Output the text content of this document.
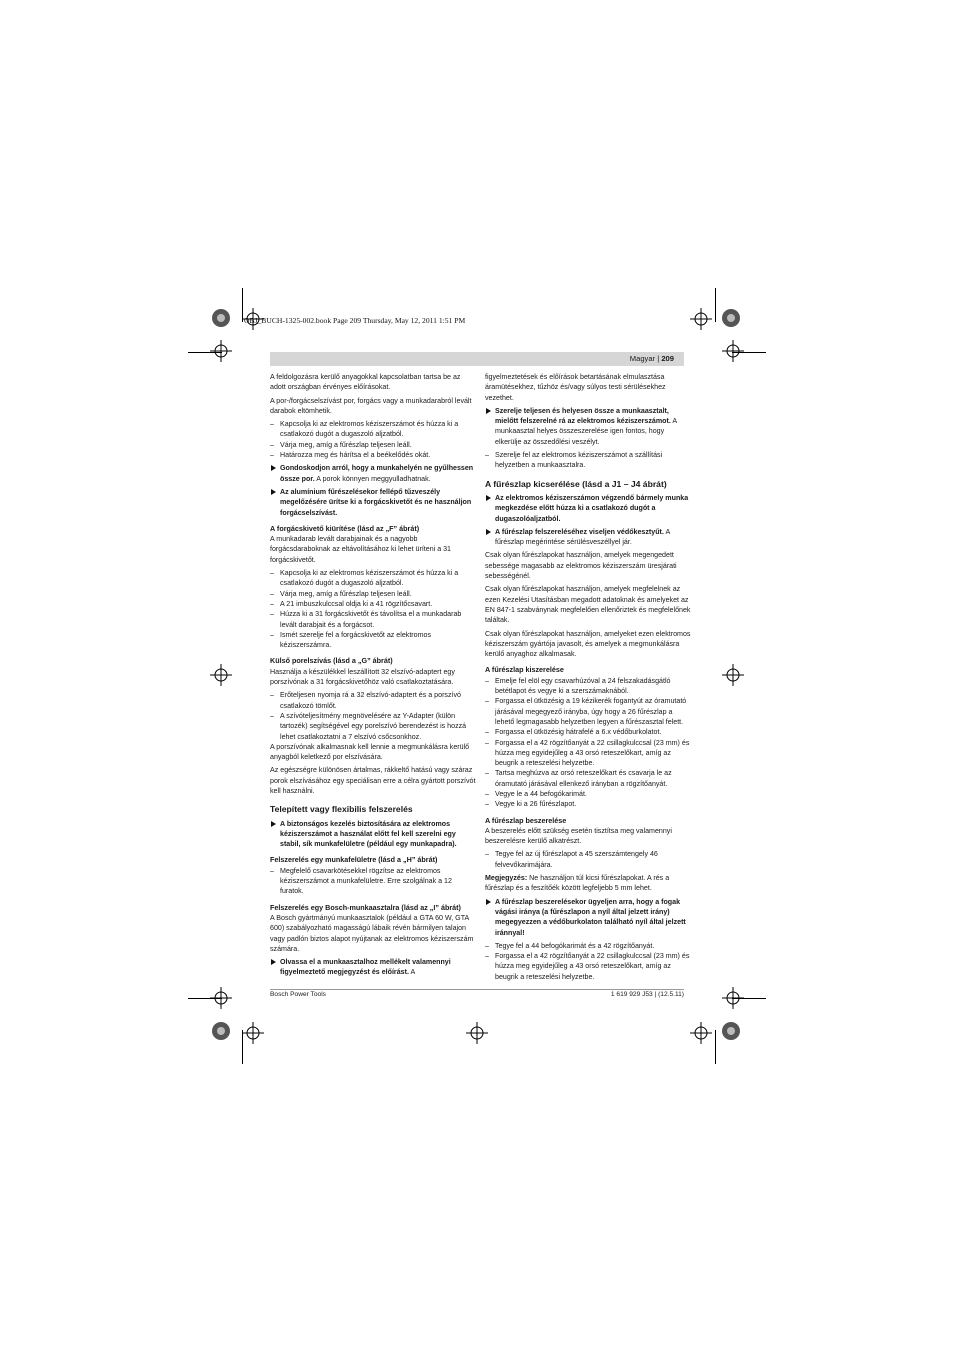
OBJ_BUCH-1325-002.book Page 209 Thursday, May 12, 2011 1:51 PM
Magyar | 209
A feldolgozásra kerülő anyagokkal kapcsolatban tartsa be az adott országban érvényes előírásokat.
A por-/forgácselszívást por, forgács vagy a munkadarabról levált darabok eltömhetik.
– Kapcsolja ki az elektromos kéziszerszámot és húzza ki a csatlakozó dugót a dugaszoló aljzatból.
– Várja meg, amíg a fűrészlap teljesen leáll.
– Határozza meg és hárítsa el a beékelődés okát.
Gondoskodjon arról, hogy a munkahelyén ne gyűlhessen össze por. A porok könnyen meggyulladhatnak.
Az alumínium fűrészelésekor fellépő tűzveszély megelőzésére ürítse ki a forgácskivetőt és ne használjon forgácselszívást.
A forgácskivető kiürítése (lásd az „F” ábrát)
A munkadarab levált darabjainak és a nagyobb forgácsdaraboknak az eltávolításához ki lehet üríteni a 31 forgácskivetőt.
– Kapcsolja ki az elektromos kéziszerszámot és húzza ki a csatlakozó dugót a dugaszoló aljzatból.
– Várja meg, amíg a fűrészlap teljesen leáll.
– A 21 imbuszkulccsal oldja ki a 41 rögzítőcsavart.
– Húzza ki a 31 forgácskivetőt és távolítsa el a munkadarab levált darabjait és a forgácsot.
– Ismét szerelje fel a forgácskivetőt az elektromos kéziszerszámra.
Külső porelszívás (lásd a „G” ábrát)
Használja a készülékkel leszállított 32 elszívó-adaptert egy porszívónak a 31 forgácskivetőhöz való csatlakoztatására.
– Erőteljesen nyomja rá a 32 elszívó-adaptert és a porszívó csatlakozó tömlőt.
– A szívóteljesítmény megnövelésére az Y-Adapter (külön tartozék) segítségével egy porelszívó berendezést is hozzá lehet csatlakoztatni a 7 elszívó csőcsonkhoz.
A porszívónak alkalmasnak kell lennie a megmunkálásra kerülő anyagból keletkező por elszívására.
Az egészségre különösen ártalmas, rákkeltő hatású vagy száraz porok elszívásához egy speciálisan erre a célra gyártott porszívót kell használni.
Telepített vagy flexibilis felszerelés
A biztonságos kezelés biztosítására az elektromos kéziszerszámot a használat előtt fel kell szerelni egy stabil, sík munkafelületre (például egy munkapadra).
Felszerelés egy munkafelületre (lásd a „H” ábrát)
– Megfelelő csavarkötésekkel rögzítse az elektromos kéziszerszámot a munkafelületre. Erre szolgálnak a 12 furatok.
Felszerelés egy Bosch-munkaasztalra (lásd az „I” ábrát)
A Bosch gyártmányú munkaasztalok (például a GTA 60 W, GTA 600) szabályozható magasságú lábaik révén bármilyen talajon vagy padlón biztos alapot nyújtanak az elektromos kéziszerszám számára.
Olvassa el a munkaasztalhoz mellékelt valamennyi figyelmeztető megjegyzést és előírást. A
figyelmeztetések és előírások betartásának elmulasztása áramütésekhez, tűzhöz és/vagy súlyos testi sérülésekhez vezethet.
Szerelje teljesen és helyesen össze a munkaasztalt, mielőtt felszerelné rá az elektromos kéziszerszámot. A munkaasztal helyes összeszerelése igen fontos, hogy elkerülje az összedőlési veszélyt.
– Szerelje fel az elektromos kéziszerszámot a szállítási helyzetben a munkaasztalra.
A fűrészlap kicserélése (lásd a J1 – J4 ábrát)
Az elektromos kéziszerszámon végzendő bármely munka megkezdése előtt húzza ki a csatlakozó dugót a dugaszolóaljzatból.
A fűrészlap felszereléséhez viseljen védőkesztyűt. A fűrészlap megérintése sérülésveszéllyel jár.
Csak olyan fűrészlapokat használjon, amelyek megengedett sebessége magasabb az elektromos kéziszerszám üresjárati sebességénél.
Csak olyan fűrészlapokat használjon, amelyek megfelelnek az ezen Kezelési Utasításban megadott adatoknak és amelyeket az EN 847-1 szabványnak megfelelően ellenőriztek és megfelelőnek találtak.
Csak olyan fűrészlapokat használjon, amelyeket ezen elektromos kéziszerszám gyártója javasolt, és amelyek a megmunkálásra kerülő anyaghoz alkalmasak.
A fűrészlap kiszerelése
– Emelje fel elöl egy csavarhúzóval a 24 felszakadásgátló betétlapot és vegye ki a szerszámaknából.
– Forgassa el ütközésig a 19 kézikerék fogantyút az óramutató járásával megegyező irányba, úgy hogy a 26 fűrészlap a lehető legmagasabb helyzetben legyen a fűrészasztal felett.
– Forgassa el ütközésig hátrafelé a 6.x védőburkolatot.
– Forgassa el a 42 rögzítőanyát a 22 csillagkulccsal (23 mm) és húzza meg egyidejűleg a 43 orsó reteszelőkart, amíg az beugrik a reteszelési helyzetbe.
– Tartsa meghúzva az orsó reteszelőkart és csavarja le az óramutató járásával ellenkező irányban a rögzítőanyát.
– Vegye le a 44 befogókarimát.
– Vegye ki a 26 fűrészlapot.
A fűrészlap beszerelése
A beszerelés előtt szükség esetén tisztítsa meg valamennyi beszerelésre kerülő alkatrészt.
– Tegye fel az új fűrészlapot a 45 szerszámtengely 46 felvevőkarimájára.
Megjegyzés: Ne használjon túl kicsi fűrészlapokat. A rés a fűrészlap és a feszítőék között legfeljebb 5 mm lehet.
A fűrészlap beszerelésekor ügyeljen arra, hogy a fogak vágási iránya (a fűrészlapon a nyíl által jelzett irány) megegyezzen a védőburkolaton található nyíl által jelzett iránnyal!
– Tegye fel a 44 befogókarimát és a 42 rögzítőanyát.
– Forgassa el a 42 rögzítőanyát a 22 csillagkulccsal (23 mm) és húzza meg egyidejűleg a 43 orsó reteszelőkart, amíg az beugrik a reteszelési helyzetbe.
Bosch Power Tools	1 619 929 J53 | (12.5.11)
